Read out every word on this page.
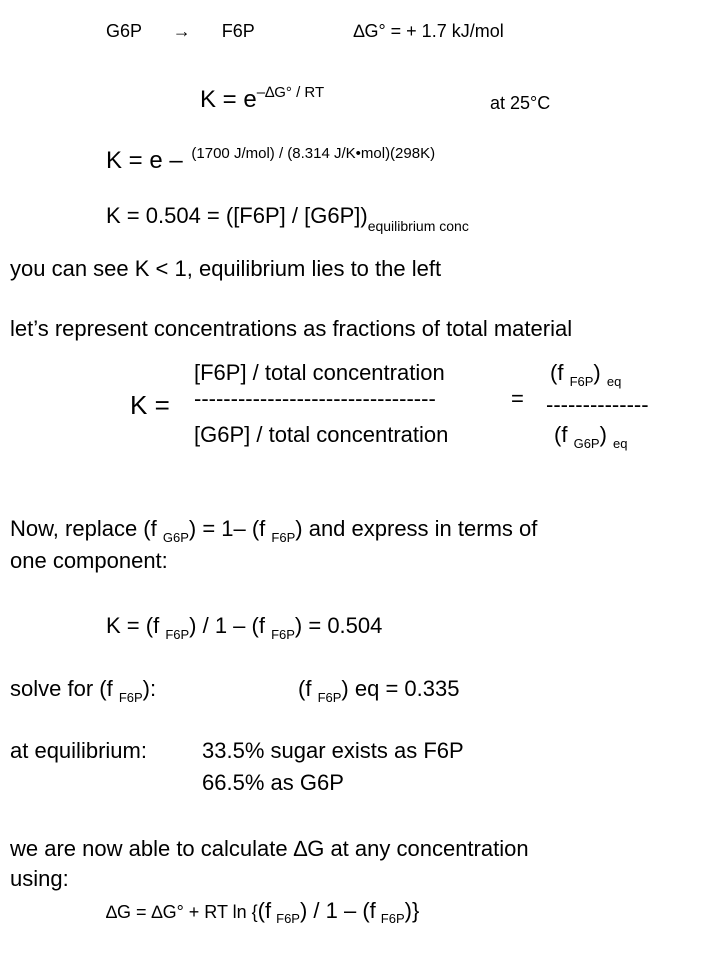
G6P → F6P	∆G° = + 1.7 kJ/mol
$K = e^{-\Delta G^\circ / RT}$
at 25°C
K = e – $^{(1700 J/mol) / (8.314 J/K•mol)(298K)}$
$K = 0.504 = ([F6P] / [G6P])_{equilibrium conc}$
you can see K < 1, equilibrium lies to the left
let’s represent concentrations as fractions of total material
[F6P] / total concentration	(f $_{F6P}$) $_{eq}$
K = ---------------------------------	= --------------
[G6P] / total concentration	(f $_{G6P}$) $_{eq}$
Now, replace (f $_{G6P}$) = 1– (f $_{F6P}$) and express in terms of
one component:
K = (f $_{F6P}$) / 1 – (f $_{F6P}$) = 0.504
solve for (f $_{F6P}$):	(f $_{F6P}$) eq = 0.335
at equilibrium:	33.5% sugar exists as F6P
66.5% as G6P
we are now able to calculate ∆G at any concentration
using:
∆G = ∆G° + RT ln {(f $_{F6P}$) / 1 – (f $_{F6P}$)}
